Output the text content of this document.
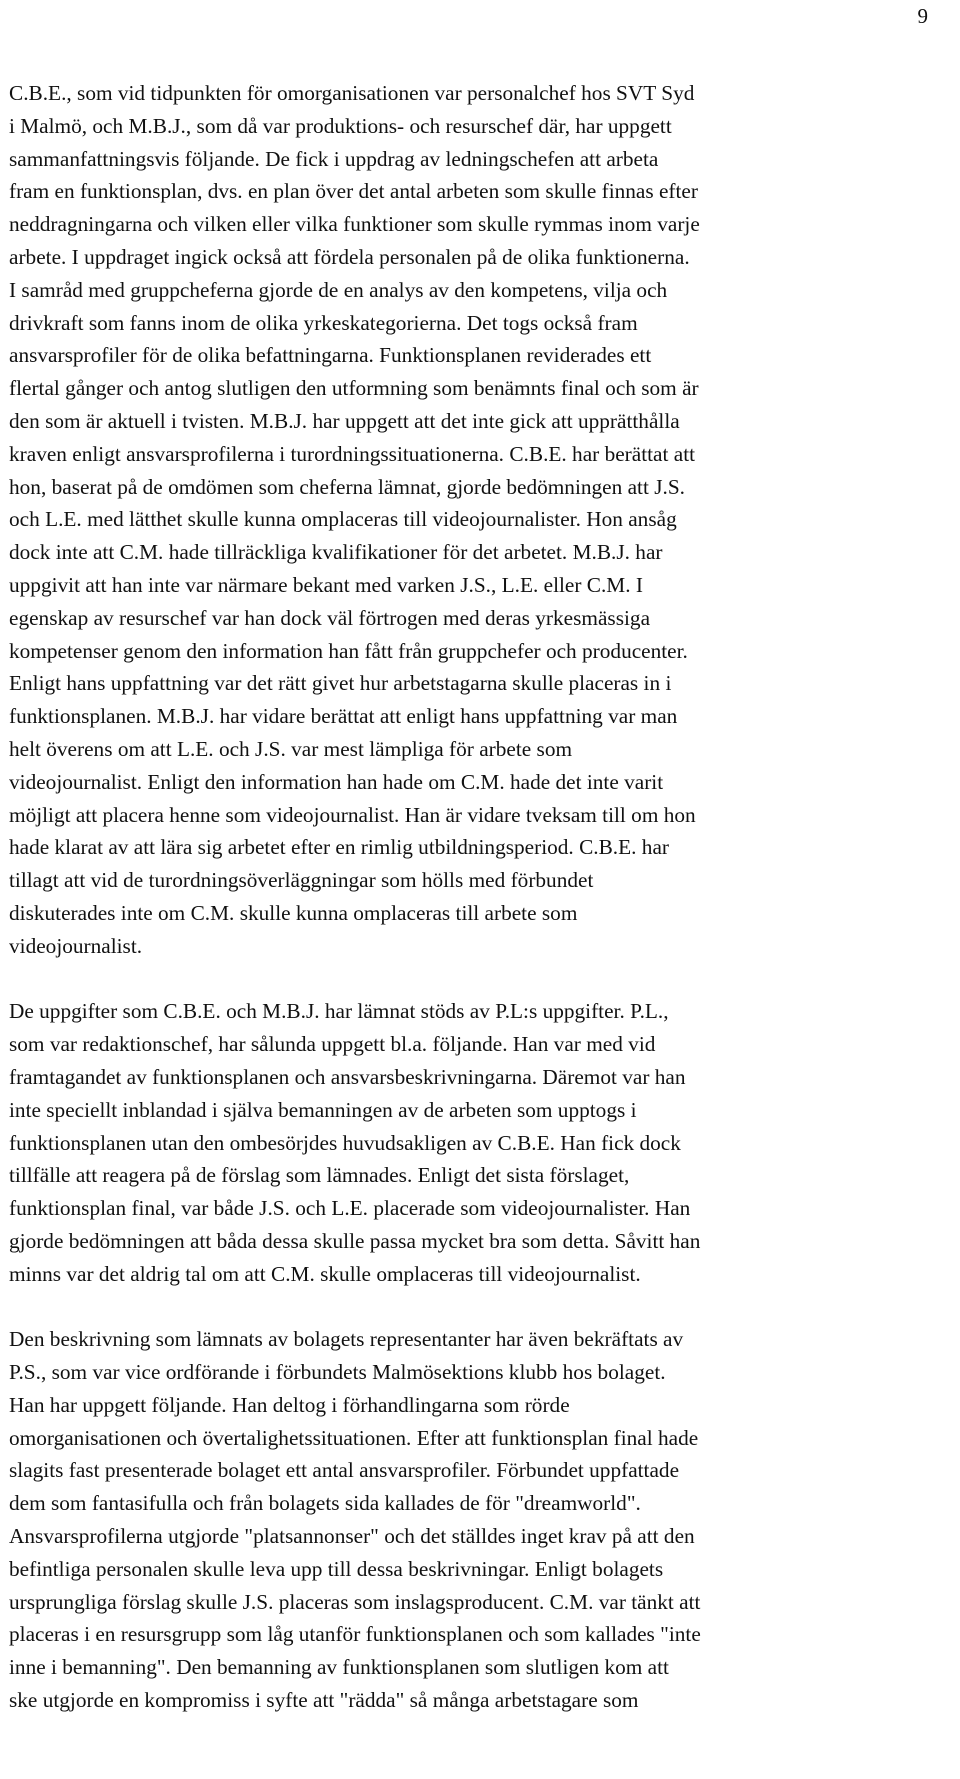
9
C.B.E., som vid tidpunkten för omorganisationen var personalchef hos SVT Syd
i Malmö, och M.B.J., som då var produktions- och resurschef där, har uppgett
sammanfattningsvis följande. De fick i uppdrag av ledningschefen att arbeta
fram en funktionsplan, dvs. en plan över det antal arbeten som skulle finnas efter
neddragningarna och vilken eller vilka funktioner som skulle rymmas inom varje
arbete. I uppdraget ingick också att fördela personalen på de olika funktionerna.
I samråd med gruppcheferna gjorde de en analys av den kompetens, vilja och
drivkraft som fanns inom de olika yrkeskategorierna. Det togs också fram
ansvarsprofiler för de olika befattningarna. Funktionsplanen reviderades ett
flertal gånger och antog slutligen den utformning som benämnts final och som är
den som är aktuell i tvisten. M.B.J. har uppgett att det inte gick att upprätthålla
kraven enligt ansvarsprofilerna i turordningssituationerna. C.B.E. har berättat att
hon, baserat på de omdömen som cheferna lämnat, gjorde bedömningen att J.S.
och L.E. med lätthet skulle kunna omplaceras till videojournalister. Hon ansåg
dock inte att C.M. hade tillräckliga kvalifikationer för det arbetet. M.B.J. har
uppgivit att han inte var närmare bekant med varken J.S., L.E. eller C.M. I
egenskap av resurschef var han dock väl förtrogen med deras yrkesmässiga
kompetenser genom den information han fått från gruppchefer och producenter.
Enligt hans uppfattning var det rätt givet hur arbetstagarna skulle placeras in i
funktionsplanen. M.B.J. har vidare berättat att enligt hans uppfattning var man
helt överens om att L.E. och J.S. var mest lämpliga för arbete som
videojournalist. Enligt den information han hade om C.M. hade det inte varit
möjligt att placera henne som videojournalist. Han är vidare tveksam till om hon
hade klarat av att lära sig arbetet efter en rimlig utbildningsperiod. C.B.E. har
tillagt att vid de turordningsöverläggningar som hölls med förbundet
diskuterades inte om C.M. skulle kunna omplaceras till arbete som
videojournalist.
De uppgifter som C.B.E. och M.B.J. har lämnat stöds av P.L:s uppgifter. P.L.,
som var redaktionschef, har sålunda uppgett bl.a. följande. Han var med vid
framtagandet av funktionsplanen och ansvarsbeskrivningarna. Däremot var han
inte speciellt inblandad i själva bemanningen av de arbeten som upptogs i
funktionsplanen utan den ombesörjdes huvudsakligen av C.B.E. Han fick dock
tillfälle att reagera på de förslag som lämnades. Enligt det sista förslaget,
funktionsplan final, var både J.S. och L.E. placerade som videojournalister. Han
gjorde bedömningen att båda dessa skulle passa mycket bra som detta. Såvitt han
minns var det aldrig tal om att C.M. skulle omplaceras till videojournalist.
Den beskrivning som lämnats av bolagets representanter har även bekräftats av
P.S., som var vice ordförande i förbundets Malmösektions klubb hos bolaget.
Han har uppgett följande. Han deltog i förhandlingarna som rörde
omorganisationen och övertalighetssituationen. Efter att funktionsplan final hade
slagits fast presenterade bolaget ett antal ansvarsprofiler. Förbundet uppfattade
dem som fantasifulla och från bolagets sida kallades de för "dreamworld".
Ansvarsprofilerna utgjorde "platsannonser" och det ställdes inget krav på att den
befintliga personalen skulle leva upp till dessa beskrivningar. Enligt bolagets
ursprungliga förslag skulle J.S. placeras som inslagsproducent. C.M. var tänkt att
placeras i en resursgrupp som låg utanför funktionsplanen och som kallades "inte
inne i bemanning". Den bemanning av funktionsplanen som slutligen kom att
ske utgjorde en kompromiss i syfte att "rädda" så många arbetstagare som
